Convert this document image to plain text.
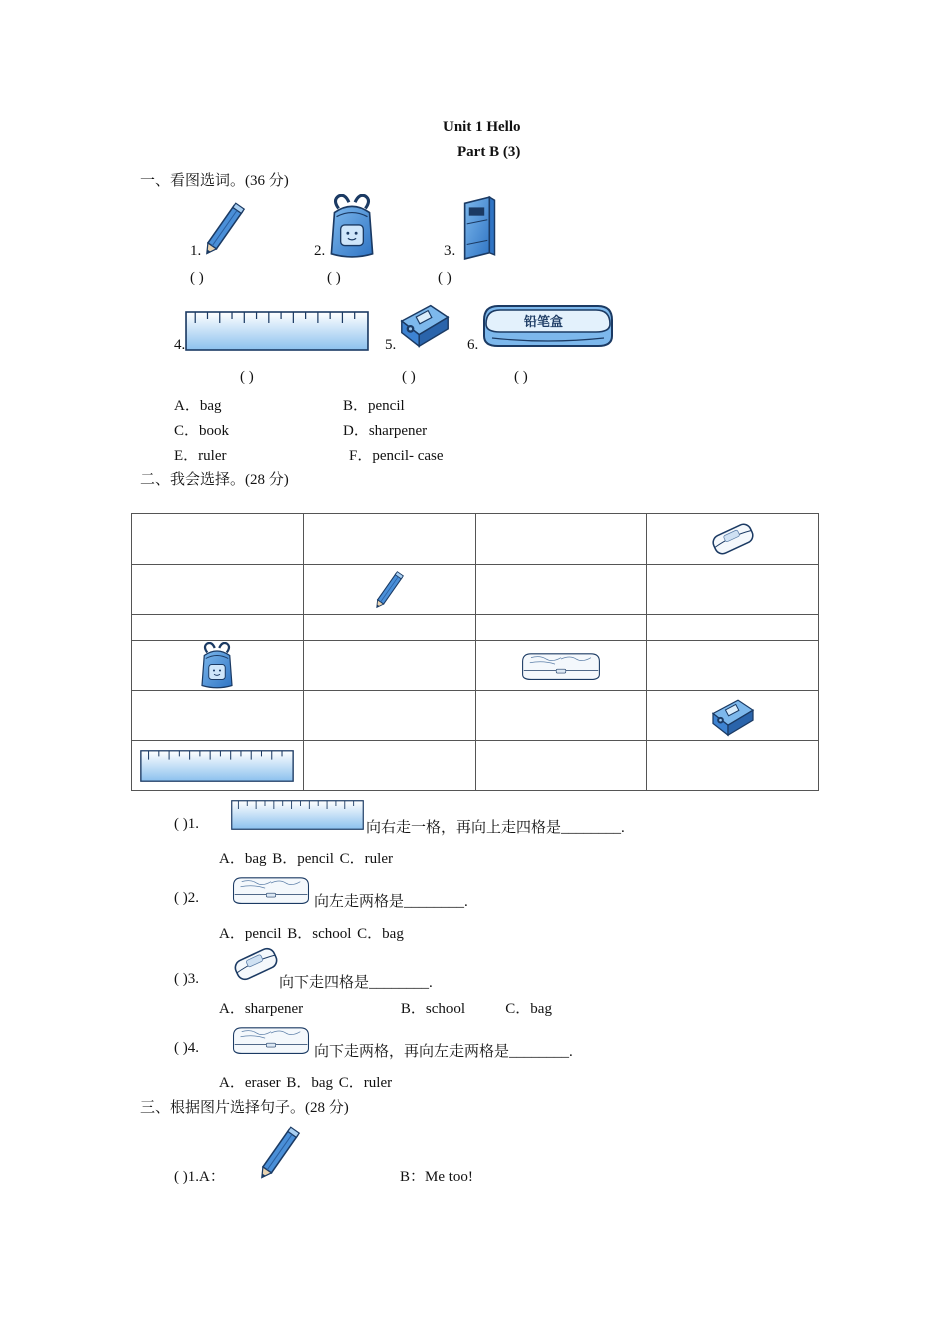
Unit 1 Hello
Part B (3)
一、看图选词。(36 分)
1.	2.	3.
( )	( )	( )
4.	5.	6.
铅笔盒
( )	( )	( )
A．bag	B．pencil
C．book	D．sharpener
E．ruler	F．pencil- case
二、我会选择。(28 分)

( )1.	向右走一格，再向上走四格是________.
A．bag B．pencil C．ruler
( )2.	向左走两格是________.
A．pencil B．school C．bag
( )3.	向下走四格是________.
A．sharpener                 B．school       C．bag
( )4.	向下走两格，再向左走两格是________.
A．eraser B．bag C．ruler
三、根据图片选择句子。(28 分)
( )1.A：	B：Me too!
